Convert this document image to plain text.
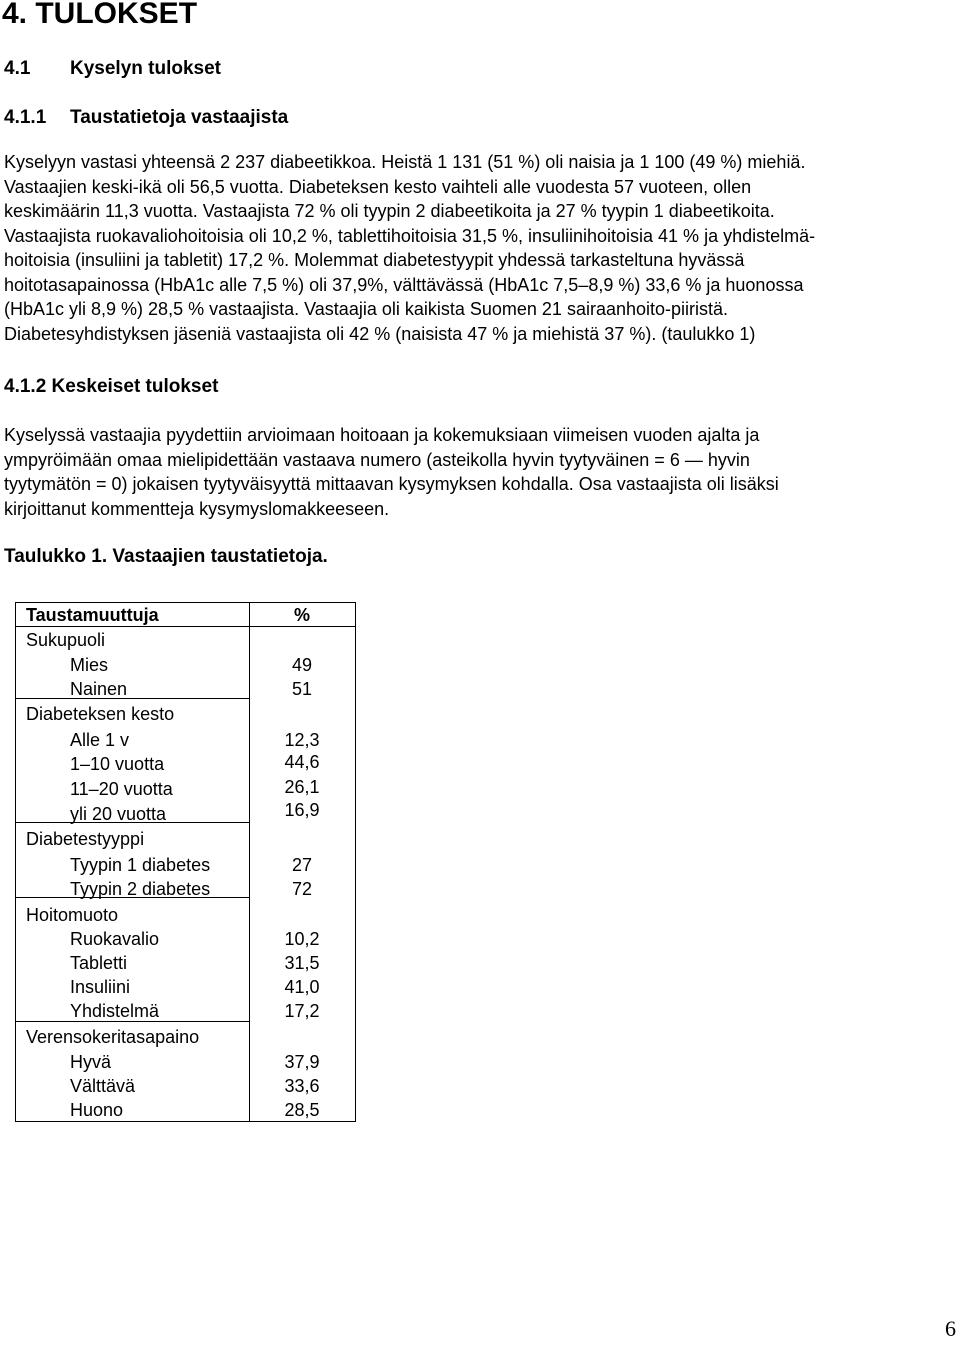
4. TULOKSET
4.1 Kyselyn tulokset
4.1.1 Taustatietoja vastaajista

Kyselyyn vastasi yhteensä 2 237 diabeetikkoa. Heistä 1 131 (51 %) oli naisia ja 1 100 (49 %) miehiä.
Vastaajien keski-ikä oli 56,5 vuotta. Diabeteksen kesto vaihteli alle vuodesta 57 vuoteen, ollen
keskimäärin 11,3 vuotta. Vastaajista 72 % oli tyypin 2 diabeetikoita ja 27 % tyypin 1 diabeetikoita.
Vastaajista ruokavaliohoitoisia oli 10,2 %, tablettihoitoisia 31,5 %, insuliinihoitoisia 41 % ja yhdistelmä-
hoitoisia (insuliini ja tabletit) 17,2 %. Molemmat diabetestyypit yhdessä tarkasteltuna hyvässä
hoitotasapainossa (HbA1c alle 7,5 %) oli 37,9%, välttävässä (HbA1c 7,5–8,9 %) 33,6 % ja huonossa
(HbA1c yli 8,9 %) 28,5 % vastaajista. Vastaajia oli kaikista Suomen 21 sairaanhoito-piiristä.
Diabetesyhdistyksen jäseniä vastaajista oli 42 % (naisista 47 % ja miehistä 37 %). (taulukko 1)

4.1.2 Keskeiset tulokset

Kyselyssä vastaajia pyydettiin arvioimaan hoitoaan ja kokemuksiaan viimeisen vuoden ajalta ja
ympyröimään omaa mielipidettään vastaava numero (asteikolla hyvin tyytyväinen = 6 — hyvin
tyytymätön = 0) jokaisen tyytyväisyyttä mittaavan kysymyksen kohdalla. Osa vastaajista oli lisäksi
kirjoittanut kommentteja kysymyslomakkeeseen.

Taulukko 1. Vastaajien taustatietoja.
Taustamuuttuja	%
Sukupuoli
Mies	49
Nainen	51
Diabeteksen kesto
Alle 1 v	12,3
1–10 vuotta	44,6
11–20 vuotta	26,1
yli 20 vuotta	16,9
Diabetestyyppi
Tyypin 1 diabetes	27
Tyypin 2 diabetes	72
Hoitomuoto
Ruokavalio	10,2
Tabletti	31,5
Insuliini	41,0
Yhdistelmä	17,2
Verensokeritasapaino
Hyvä	37,9
Välttävä	33,6
Huono	28,5
6
